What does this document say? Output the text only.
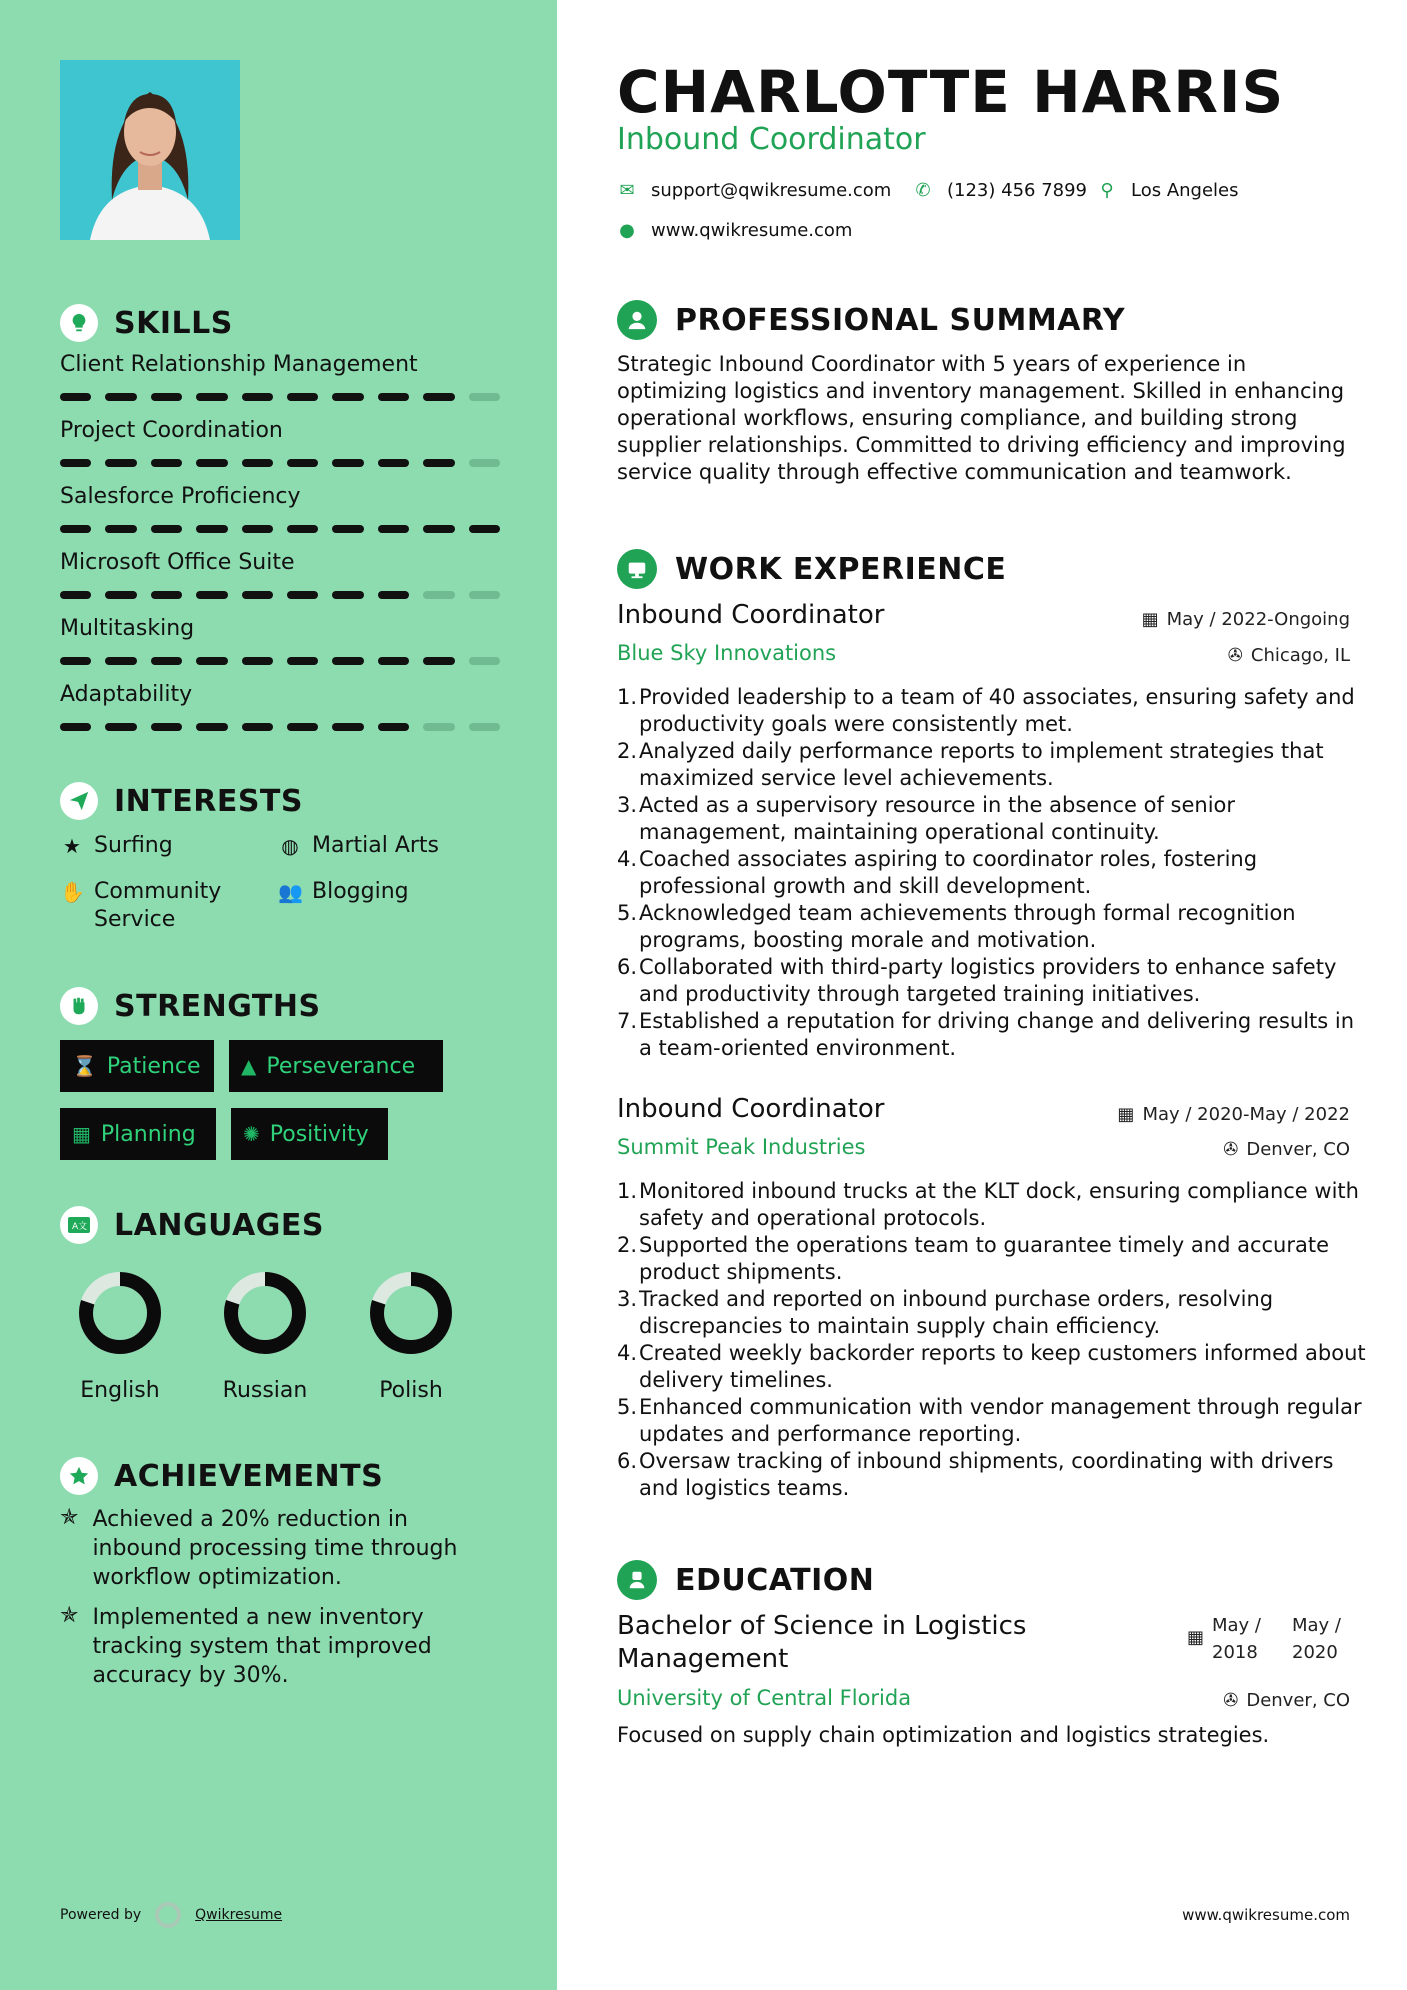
SKILLS
Client Relationship Management
Project Coordination
Salesforce Proficiency
Microsoft Office Suite
Multitasking
Adaptability
INTERESTS
★ Surfing	◍ Martial Arts
✋ Community Service
👥 Blogging
STRENGTHS
⌛ Patience ▲ Perseverance
▦ Planning ✺ Positivity
A文 LANGUAGES
English	Russian	Polish
ACHIEVEMENTS
✯ Achieved a 20% reduction in inbound processing time through workflow optimization.
✯ Implemented a new inventory tracking system that improved accuracy by 30%.
Powered by	Qwikresume
CHARLOTTE HARRIS
Inbound Coordinator
✉ support@qwikresume.com ✆ (123) 456 7899 ⚲ Los Angeles
● www.qwikresume.com
PROFESSIONAL SUMMARY
Strategic Inbound Coordinator with 5 years of experience in optimizing logistics and inventory management. Skilled in enhancing operational workflows, ensuring compliance, and building strong supplier relationships. Committed to driving efficiency and improving service quality through effective communication and teamwork.
WORK EXPERIENCE
Inbound Coordinator	▦ May / 2022-Ongoing
Blue Sky Innovations	✇ Chicago, IL
1. Provided leadership to a team of 40 associates, ensuring safety and productivity goals were consistently met.
2. Analyzed daily performance reports to implement strategies that maximized service level achievements.
3. Acted as a supervisory resource in the absence of senior management, maintaining operational continuity.
4. Coached associates aspiring to coordinator roles, fostering professional growth and skill development.
5. Acknowledged team achievements through formal recognition programs, boosting morale and motivation.
6. Collaborated with third-party logistics providers to enhance safety and productivity through targeted training initiatives.
7. Established a reputation for driving change and delivering results in a team-oriented environment.
Inbound Coordinator	▦ May / 2020-May / 2022
Summit Peak Industries	✇ Denver, CO
1. Monitored inbound trucks at the KLT dock, ensuring compliance with safety and operational protocols.
2. Supported the operations team to guarantee timely and accurate product shipments.
3. Tracked and reported on inbound purchase orders, resolving discrepancies to maintain supply chain efficiency.
4. Created weekly backorder reports to keep customers informed about delivery timelines.
5. Enhanced communication with vendor management through regular updates and performance reporting.
6. Oversaw tracking of inbound shipments, coordinating with drivers and logistics teams.
EDUCATION
Bachelor of Science in Logistics Management
▦
May / 2018
May / 2020
University of Central Florida	✇ Denver, CO
Focused on supply chain optimization and logistics strategies.
www.qwikresume.com
